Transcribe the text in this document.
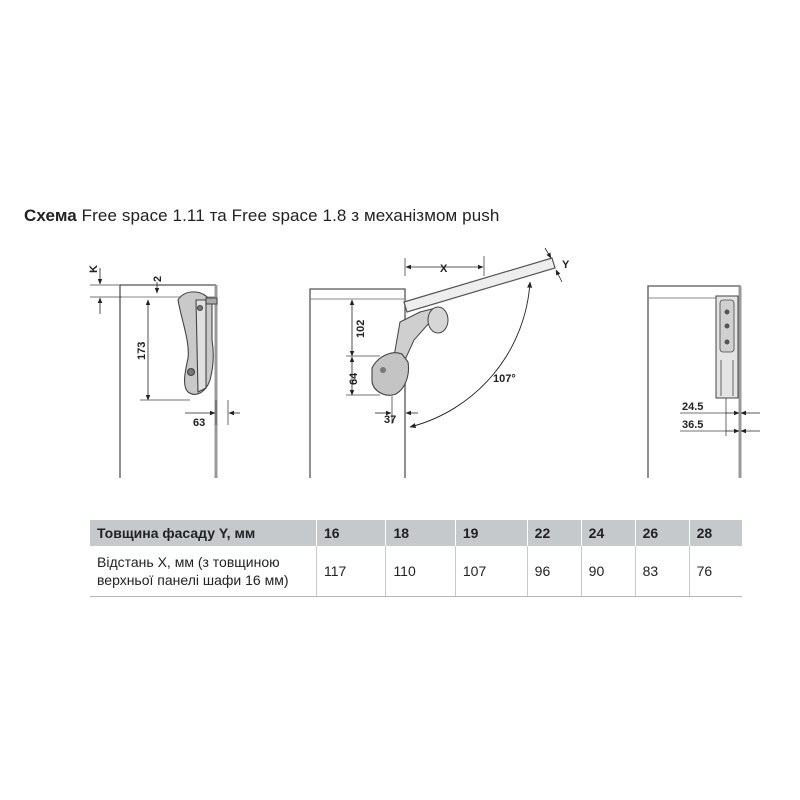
Схема Free space 1.11 та Free space 1.8 з механізмом push
K
2
173
63
X	Y
102
64
37
107°
24.5
36.5
Товщина фасаду Y, мм	16	18	19	22	24	26	28
Відстань X, мм (з товщиною
верхньої панелі шафи 16 мм)	117	110	107	96	90	83	76
